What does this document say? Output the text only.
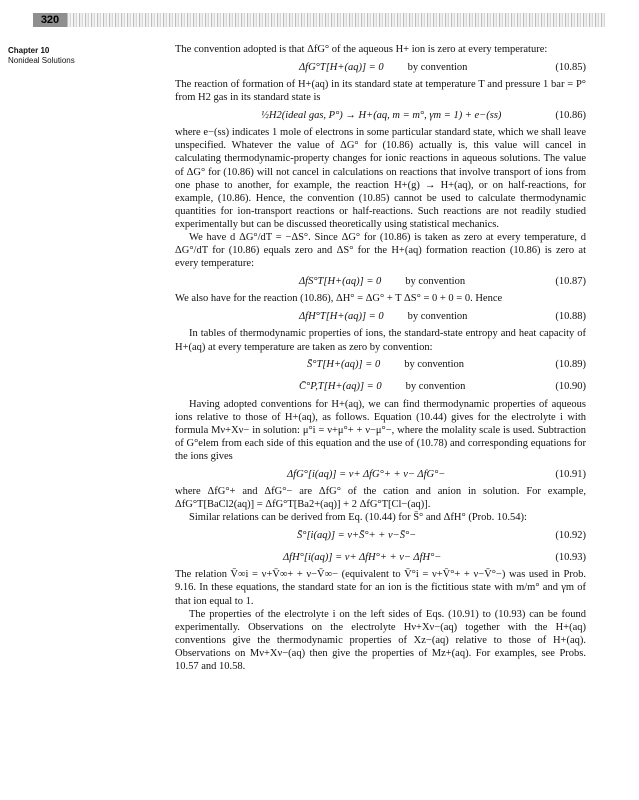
320
Chapter 10
Nonideal Solutions

The convention adopted is that ΔfG° of the aqueous H+ ion is zero at every temperature:

ΔfG°T[H+(aq)] = 0 by convention	(10.85)

The reaction of formation of H+(aq) in its standard state at temperature T and pressure 1 bar = P° from H2 gas in its standard state is

½H2(ideal gas, P°) → H+(aq, m = m°, γm = 1) + e−(ss)	(10.86)

where e−(ss) indicates 1 mole of electrons in some particular standard state, which we shall leave unspecified. Whatever the value of ΔG° for (10.86) actually is, this value will cancel in calculating thermodynamic-property changes for ionic reactions in aqueous solutions. The value of ΔG° for (10.86) will not cancel in calculations on reactions that involve transport of ions from one phase to another, for example, the reaction H+(g) → H+(aq), or on half-reactions, for example, (10.86). Hence, the convention (10.85) cannot be used to calculate thermodynamic quantities for ion-transport reactions or half-reactions. Such reactions are not readily studied experimentally but can be discussed theoretically using statistical mechanics.

We have d ΔG°/dT = −ΔS°. Since ΔG° for (10.86) is taken as zero at every temperature, d ΔG°/dT for (10.86) equals zero and ΔS° for the H+(aq) formation reaction (10.86) is zero at every temperature:

ΔfS°T[H+(aq)] = 0 by convention	(10.87)

We also have for the reaction (10.86), ΔH° = ΔG° + T ΔS° = 0 + 0 = 0. Hence

ΔfH°T[H+(aq)] = 0 by convention	(10.88)

In tables of thermodynamic properties of ions, the standard-state entropy and heat capacity of H+(aq) at every temperature are taken as zero by convention:

S̄°T[H+(aq)] = 0 by convention	(10.89)
C̄°P,T[H+(aq)] = 0 by convention	(10.90)

Having adopted conventions for H+(aq), we can find thermodynamic properties of aqueous ions relative to those of H+(aq), as follows. Equation (10.44) gives for the electrolyte i with formula Mν+Xν− in solution: μ°i = ν+μ°+ + ν−μ°−, where the molality scale is used. Subtraction of G°elem from each side of this equation and the use of (10.78) and corresponding equations for the ions gives

ΔfG°[i(aq)] = ν+ ΔfG°+ + ν− ΔfG°−	(10.91)

where ΔfG°+ and ΔfG°− are ΔfG° of the cation and anion in solution. For example, ΔfG°T[BaCl2(aq)] = ΔfG°T[Ba2+(aq)] + 2 ΔfG°T[Cl−(aq)].

Similar relations can be derived from Eq. (10.44) for S̄° and ΔfH° (Prob. 10.54):

S̄°[i(aq)] = ν+S̄°+ + ν−S̄°−	(10.92)
ΔfH°[i(aq)] = ν+ ΔfH°+ + ν− ΔfH°−	(10.93)

The relation V̄∞i = ν+V̄∞+ + ν−V̄∞− (equivalent to V̄°i = ν+V̄°+ + ν−V̄°−) was used in Prob. 9.16. In these equations, the standard state for an ion is the fictitious state with m/m° and γm of that ion equal to 1.

The properties of the electrolyte i on the left sides of Eqs. (10.91) to (10.93) can be found experimentally. Observations on the electrolyte Hν+Xν−(aq) together with the H+(aq) conventions give the thermodynamic properties of Xz−(aq) relative to those of H+(aq). Observations on Mν+Xν−(aq) then give the properties of Mz+(aq). For examples, see Probs. 10.57 and 10.58.
